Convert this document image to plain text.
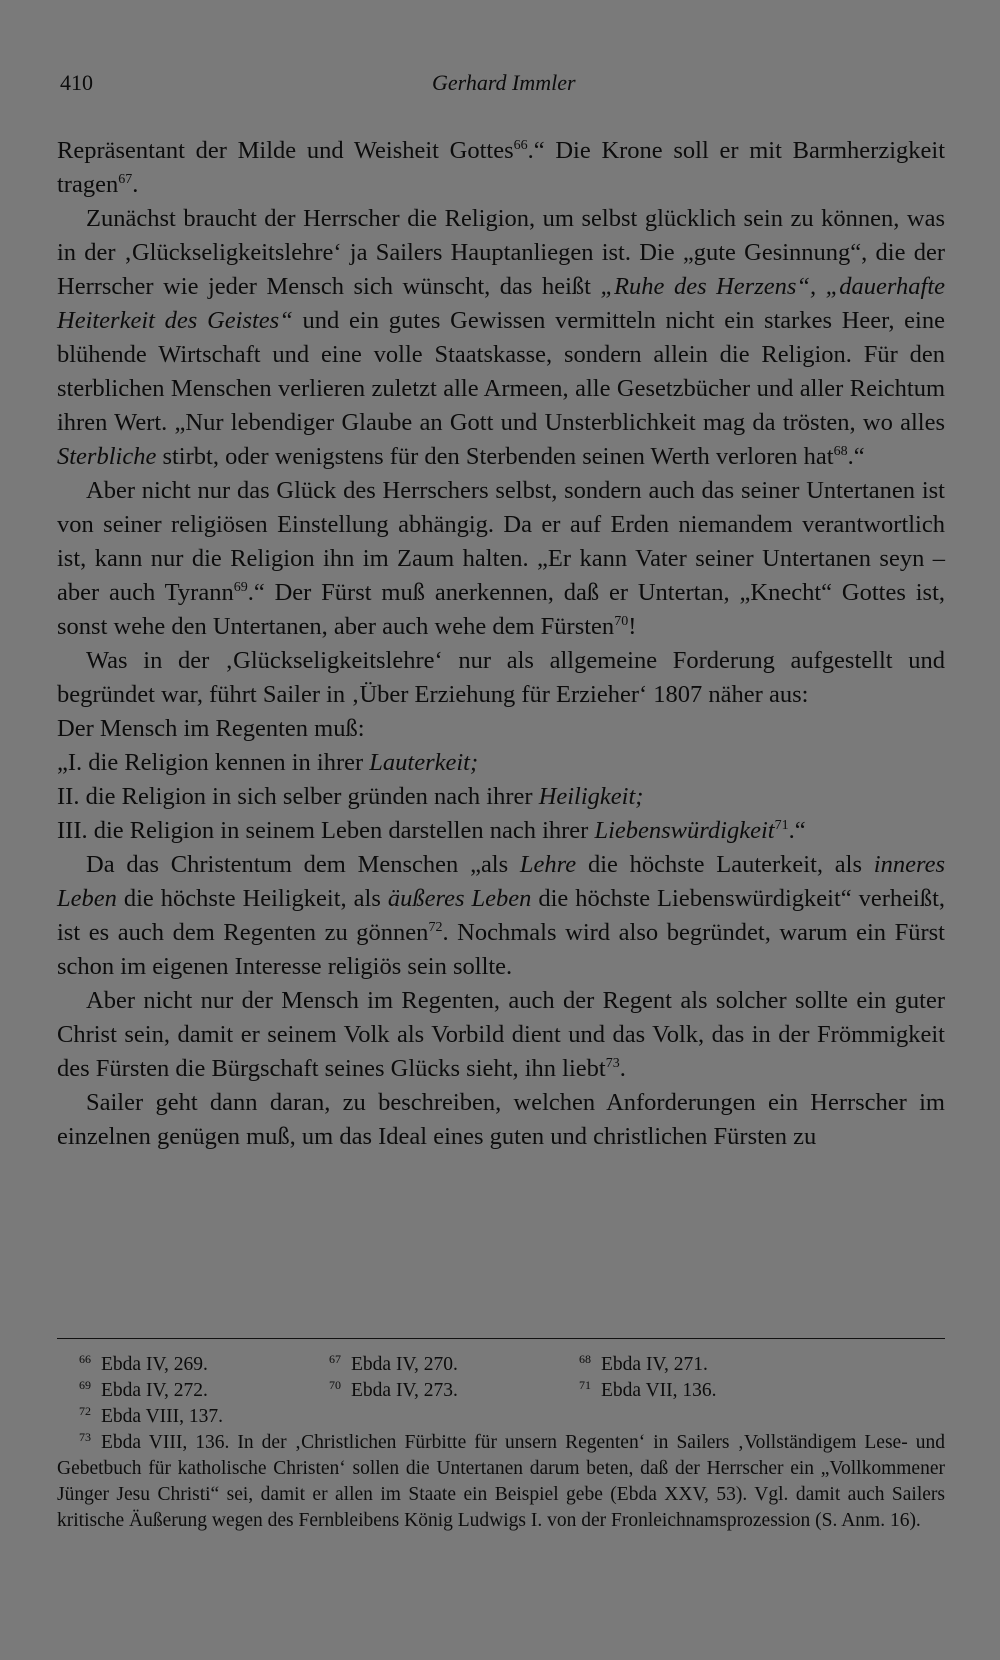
410	Gerhard Immler

Repräsentant der Milde und Weisheit Gottes$^{66}$.“ Die Krone soll er mit Barmherzigkeit tragen$^{67}$.

Zunächst braucht der Herrscher die Religion, um selbst glücklich sein zu können, was in der ‚Glückseligkeitslehre‘ ja Sailers Hauptanliegen ist. Die „gute Gesinnung“, die der Herrscher wie jeder Mensch sich wünscht, das heißt „Ruhe des Herzens“, „dauerhafte Heiterkeit des Geistes“ und ein gutes Gewissen vermitteln nicht ein starkes Heer, eine blühende Wirtschaft und eine volle Staatskasse, sondern allein die Religion. Für den sterblichen Menschen verlieren zuletzt alle Armeen, alle Gesetzbücher und aller Reichtum ihren Wert. „Nur lebendiger Glaube an Gott und Unsterblichkeit mag da trösten, wo alles Sterbliche stirbt, oder wenigstens für den Sterbenden seinen Werth verloren hat$^{68}$.“

Aber nicht nur das Glück des Herrschers selbst, sondern auch das seiner Untertanen ist von seiner religiösen Einstellung abhängig. Da er auf Erden niemandem verantwortlich ist, kann nur die Religion ihn im Zaum halten. „Er kann Vater seiner Untertanen seyn – aber auch Tyrann$^{69}$.“ Der Fürst muß anerkennen, daß er Untertan, „Knecht“ Gottes ist, sonst wehe den Untertanen, aber auch wehe dem Fürsten$^{70}$!

Was in der ‚Glückseligkeitslehre‘ nur als allgemeine Forderung aufgestellt und begründet war, führt Sailer in ‚Über Erziehung für Erzieher‘ 1807 näher aus:

Der Mensch im Regenten muß:

„I. die Religion kennen in ihrer Lauterkeit;

II. die Religion in sich selber gründen nach ihrer Heiligkeit;

III. die Religion in seinem Leben darstellen nach ihrer Liebenswürdigkeit$^{71}$.“

Da das Christentum dem Menschen „als Lehre die höchste Lauterkeit, als inneres Leben die höchste Heiligkeit, als äußeres Leben die höchste Liebenswürdigkeit“ verheißt, ist es auch dem Regenten zu gönnen$^{72}$. Nochmals wird also begründet, warum ein Fürst schon im eigenen Interesse religiös sein sollte.

Aber nicht nur der Mensch im Regenten, auch der Regent als solcher sollte ein guter Christ sein, damit er seinem Volk als Vorbild dient und das Volk, das in der Frömmigkeit des Fürsten die Bürgschaft seines Glücks sieht, ihn liebt$^{73}$.

Sailer geht dann daran, zu beschreiben, welchen Anforderungen ein Herrscher im einzelnen genügen muß, um das Ideal eines guten und christlichen Fürsten zu

$^{66}$ Ebda IV, 269.	$^{67}$ Ebda IV, 270.	$^{68}$ Ebda IV, 271.
$^{69}$ Ebda IV, 272.	$^{70}$ Ebda IV, 273.	$^{71}$ Ebda VII, 136.
$^{72}$ Ebda VIII, 137.
$^{73}$ Ebda VIII, 136. In der ‚Christlichen Fürbitte für unsern Regenten‘ in Sailers ‚Vollständigem Lese- und Gebetbuch für katholische Christen‘ sollen die Untertanen darum beten, daß der Herrscher ein „Vollkommener Jünger Jesu Christi“ sei, damit er allen im Staate ein Beispiel gebe (Ebda XXV, 53). Vgl. damit auch Sailers kritische Äußerung wegen des Fernbleibens König Ludwigs I. von der Fronleichnamsprozession (S. Anm. 16).
